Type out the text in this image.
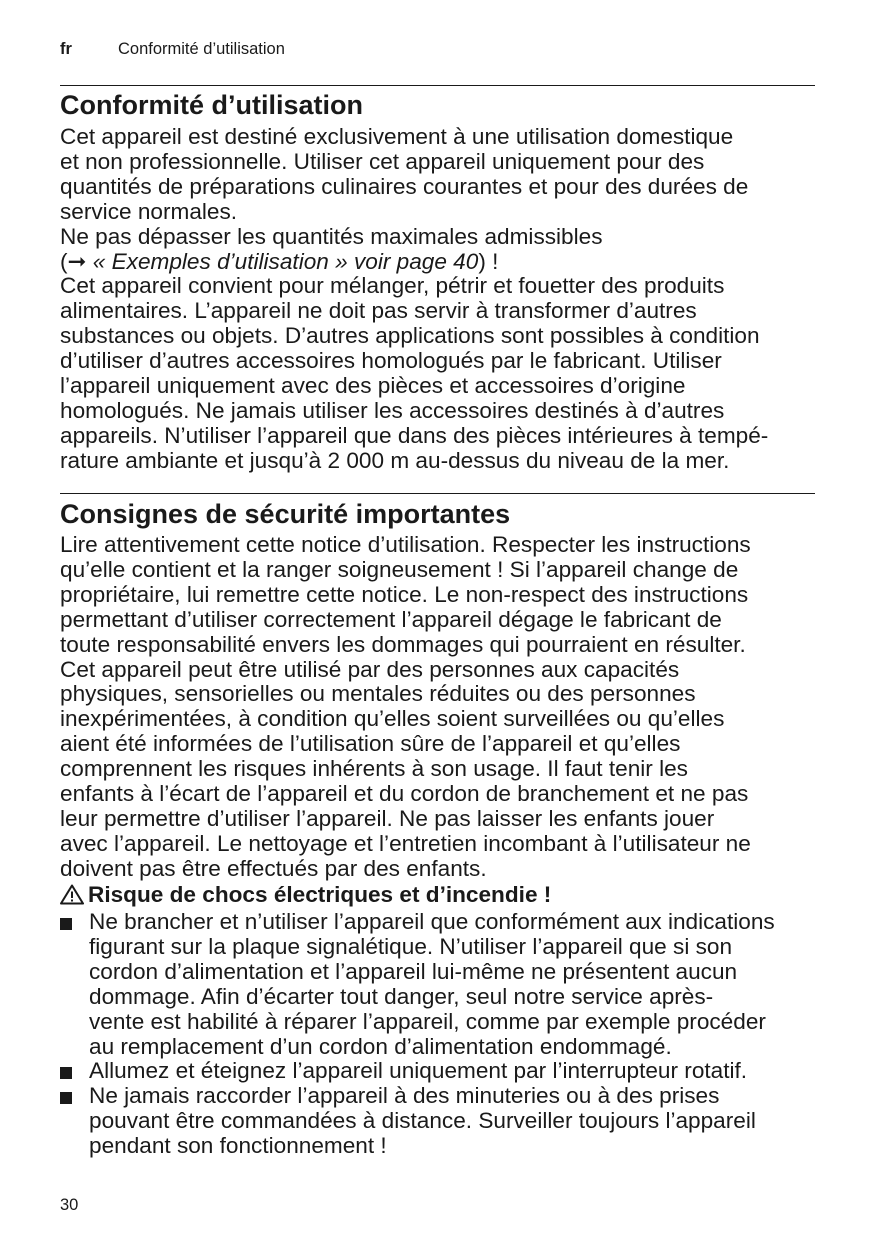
fr	Conformité d’utilisation
Conformité d’utilisation
Cet appareil est destiné exclusivement à une utilisation domestique
et non professionnelle. Utiliser cet appareil uniquement pour des
quantités de préparations culinaires courantes et pour des durées de
service normales.
Ne pas dépasser les quantités maximales admissibles
(➞ « Exemples d’utilisation » voir page 40) !
Cet appareil convient pour mélanger, pétrir et fouetter des produits
alimentaires. L’appareil ne doit pas servir à transformer d’autres
substances ou objets. D’autres applications sont possibles à condition
d’utiliser d’autres accessoires homologués par le fabricant. Utiliser
l’appareil uniquement avec des pièces et accessoires d’origine
homologués. Ne jamais utiliser les accessoires destinés à d’autres
appareils. N’utiliser l’appareil que dans des pièces intérieures à tempé-
rature ambiante et jusqu’à 2 000 m au-dessus du niveau de la mer.
Consignes de sécurité importantes
Lire attentivement cette notice d’utilisation. Respecter les instructions
qu’elle contient et la ranger soigneusement ! Si l’appareil change de
propriétaire, lui remettre cette notice. Le non-respect des instructions
permettant d’utiliser correctement l’appareil dégage le fabricant de
toute responsabilité envers les dommages qui pourraient en résulter.
Cet appareil peut être utilisé par des personnes aux capacités
physiques, sensorielles ou mentales réduites ou des personnes
inexpérimentées, à condition qu’elles soient surveillées ou qu’elles
aient été informées de l’utilisation sûre de l’appareil et qu’elles
comprennent les risques inhérents à son usage. Il faut tenir les
enfants à l’écart de l’appareil et du cordon de branchement et ne pas
leur permettre d’utiliser l’appareil. Ne pas laisser les enfants jouer
avec l’appareil. Le nettoyage et l’entretien incombant à l’utilisateur ne
doivent pas être effectués par des enfants.
Risque de chocs électriques et d’incendie !
Ne brancher et n’utiliser l’appareil que conformément aux indications
figurant sur la plaque signalétique. N’utiliser l’appareil que si son
cordon d’alimentation et l’appareil lui-même ne présentent aucun
dommage. Afin d’écarter tout danger, seul notre service après-
vente est habilité à réparer l’appareil, comme par exemple procéder
au remplacement d’un cordon d’alimentation endommagé.
Allumez et éteignez l’appareil uniquement par l’interrupteur rotatif.
Ne jamais raccorder l’appareil à des minuteries ou à des prises
pouvant être commandées à distance. Surveiller toujours l’appareil
pendant son fonctionnement !
30
